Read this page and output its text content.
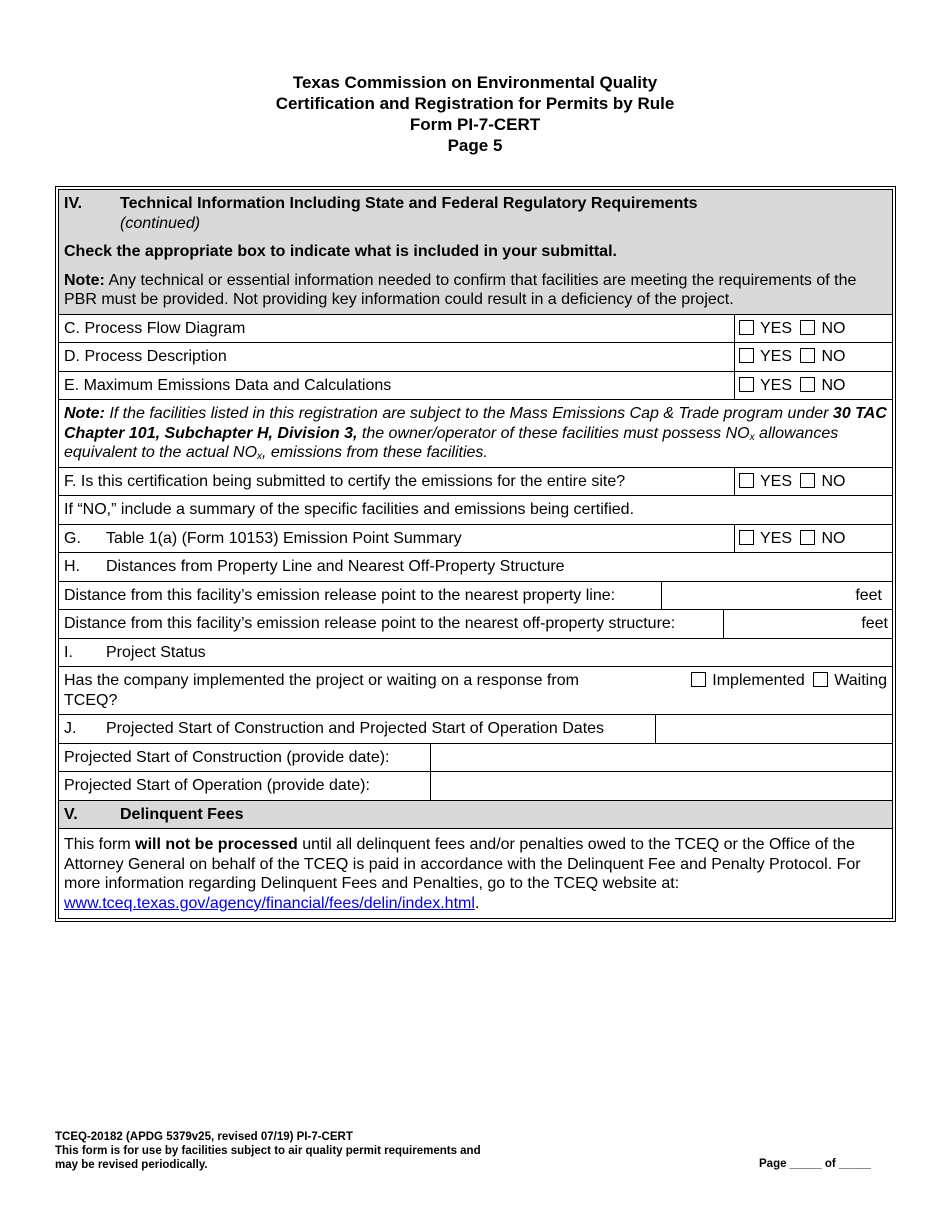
Texas Commission on Environmental Quality
Certification and Registration for Permits by Rule
Form PI-7-CERT
Page 5
IV.	Technical Information Including State and Federal Regulatory Requirements
(continued)
Check the appropriate box to indicate what is included in your submittal.
Note: Any technical or essential information needed to confirm that facilities are meeting the requirements of the PBR must be provided. Not providing key information could result in a deficiency of the project.
C. Process Flow Diagram	YES NO
D. Process Description	YES NO
E. Maximum Emissions Data and Calculations	YES NO
Note: If the facilities listed in this registration are subject to the Mass Emissions Cap & Trade program under 30 TAC Chapter 101, Subchapter H, Division 3, the owner/operator of these facilities must possess $NO_x$ allowances equivalent to the actual $NO_x$, emissions from these facilities.
F. Is this certification being submitted to certify the emissions for the entire site?	YES NO
If “NO,” include a summary of the specific facilities and emissions being certified.
G.	Table 1(a) (Form 10153) Emission Point Summary	YES NO
H.	Distances from Property Line and Nearest Off-Property Structure
Distance from this facility’s emission release point to the nearest property line:	feet
Distance from this facility’s emission release point to the nearest off-property structure:	feet
I.	Project Status
Has the company implemented the project or waiting on a response from TCEQ?
Implemented Waiting
J.	Projected Start of Construction and Projected Start of Operation Dates
Projected Start of Construction (provide date):
Projected Start of Operation (provide date):
V.	Delinquent Fees
This form will not be processed until all delinquent fees and/or penalties owed to the TCEQ or the Office of the Attorney General on behalf of the TCEQ is paid in accordance with the Delinquent Fee and Penalty Protocol. For more information regarding Delinquent Fees and Penalties, go to the TCEQ website at: www.tceq.texas.gov/agency/financial/fees/delin/index.html.
TCEQ-20182 (APDG 5379v25, revised 07/19) PI-7-CERT
This form is for use by facilities subject to air quality permit requirements and
may be revised periodically.	Page _____ of _____
